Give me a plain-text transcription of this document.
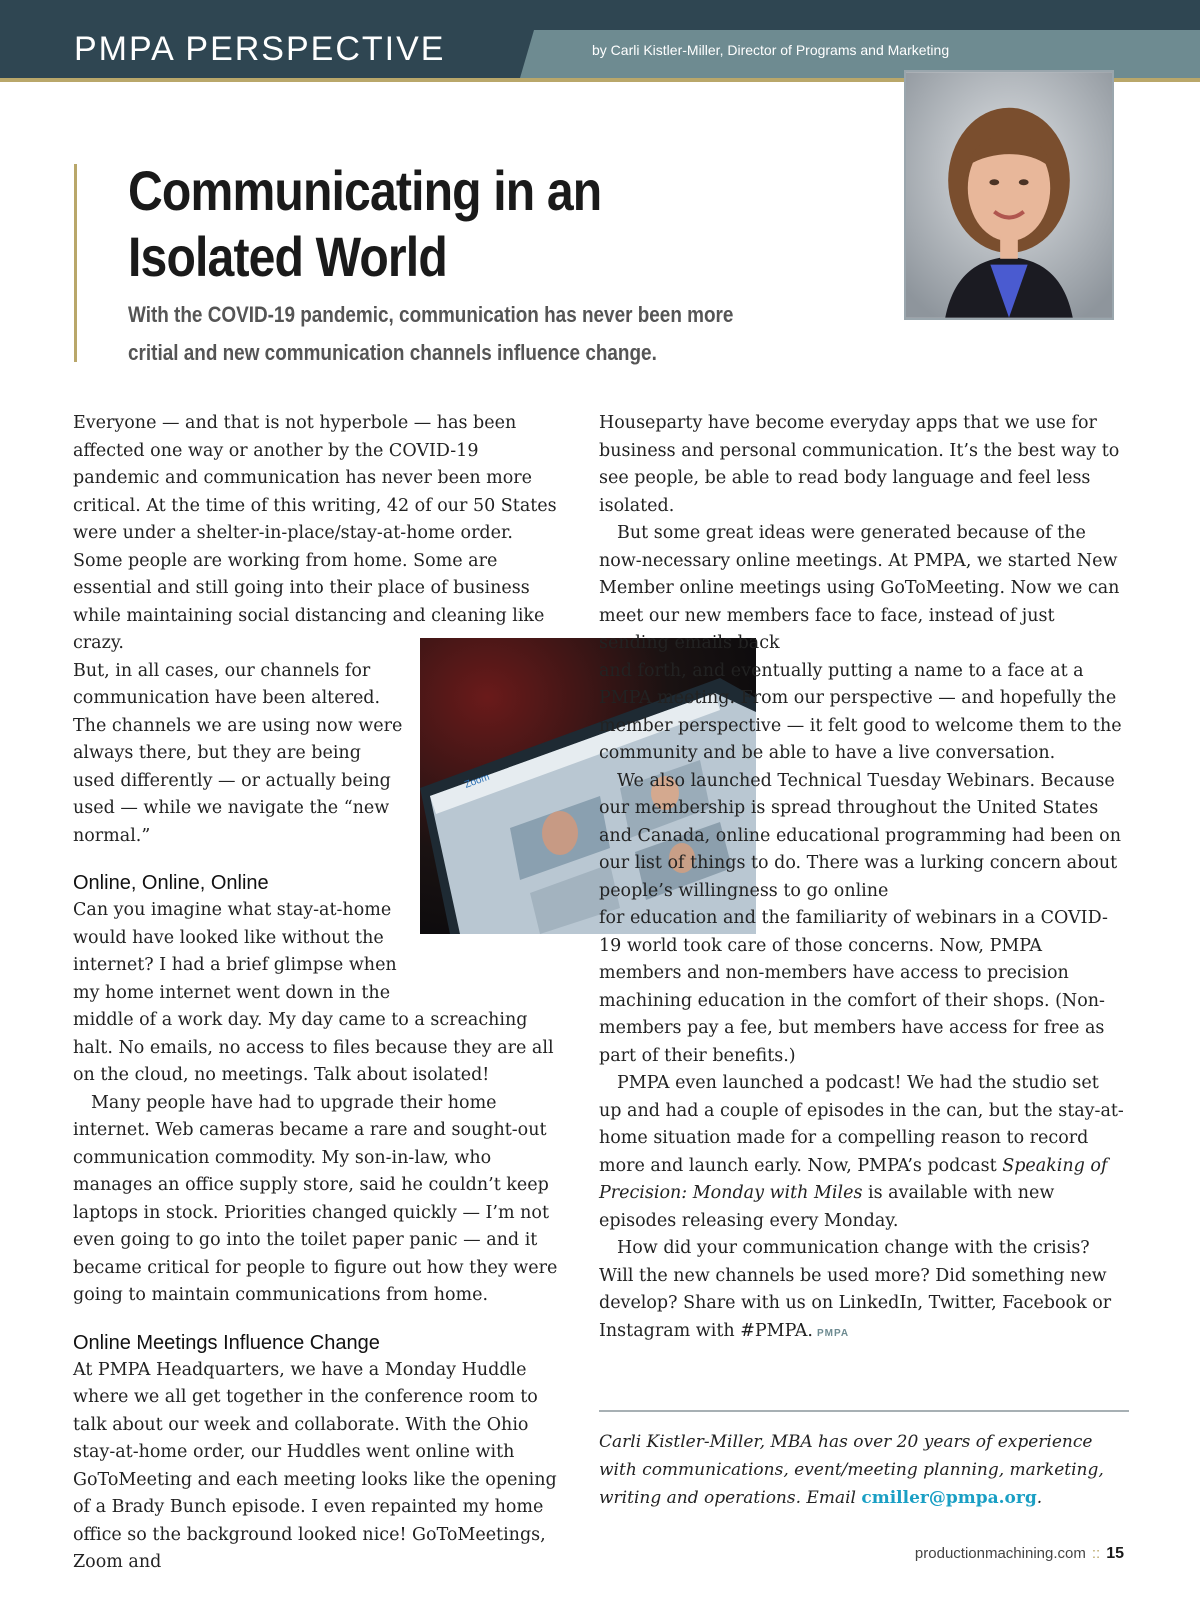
PMPA PERSPECTIVE	by Carli Kistler-Miller, Director of Programs and Marketing
Communicating in an
Isolated World
With the COVID-19 pandemic, communication has never been more critial and new communication channels influence change.

Everyone — and that is not hyperbole — has been affected one way or another by the COVID-19 pandemic and communication has never been more critical. At the time of this writing, 42 of our 50 States were under a shelter-in-place/stay-at-home order. Some people are working from home. Some are essential and still going into their place of business while maintaining social distancing and cleaning like crazy.

But, in all cases, our channels for communication have been altered. The channels we are using now were always there, but they are being used differently — or actually being used — while we navigate the “new normal.”

Online, Online, Online

Can you imagine what stay-at-home would have looked like without the internet? I had a brief glimpse when my home internet went down in the

middle of a work day. My day came to a screaching halt. No emails, no access to files because they are all on the cloud, no meetings. Talk about isolated!

Many people have had to upgrade their home internet. Web cameras became a rare and sought-out communication commodity. My son-in-law, who manages an office supply store, said he couldn’t keep laptops in stock. Priorities changed quickly — I’m not even going to go into the toilet paper panic — and it became critical for people to figure out how they were going to maintain communications from home.

Online Meetings Influence Change

At PMPA Headquarters, we have a Monday Huddle where we all get together in the conference room to talk about our week and collaborate. With the Ohio stay-at-home order, our Huddles went online with GoToMeeting and each meeting looks like the opening of a Brady Bunch episode. I even repainted my home office so the background looked nice! GoToMeetings, Zoom and

Zoom

Houseparty have become everyday apps that we use for business and personal communication. It’s the best way to see people, be able to read body language and feel less isolated.

But some great ideas were generated because of the now-necessary online meetings. At PMPA, we started New Member online meetings using GoToMeeting. Now we can meet our new members face to face, instead of just sending emails back

and forth, and eventually putting a name to a face at a PMPA meeting. From our perspective — and hopefully the member perspective — it felt good to welcome them to the community and be able to have a live conversation.

We also launched Technical Tuesday Webinars. Because our membership is spread throughout the United States and Canada, online educational programming had been on our list of things to do. There was a lurking concern about people’s willingness to go online

for education and the familiarity of webinars in a COVID-19 world took care of those concerns. Now, PMPA members and non-members have access to precision machining education in the comfort of their shops. (Non-members pay a fee, but members have access for free as part of their benefits.)

PMPA even launched a podcast! We had the studio set up and had a couple of episodes in the can, but the stay-at-home situation made for a compelling reason to record more and launch early. Now, PMPA’s podcast Speaking of Precision: Monday with Miles is available with new episodes releasing every Monday.

How did your communication change with the crisis? Will the new channels be used more? Did something new develop? Share with us on LinkedIn, Twitter, Facebook or Instagram with #PMPA. PMPA

Carli Kistler-Miller, MBA has over 20 years of experience with communications, event/meeting planning, marketing, writing and operations. Email cmiller@pmpa.org.
productionmachining.com :: 15
